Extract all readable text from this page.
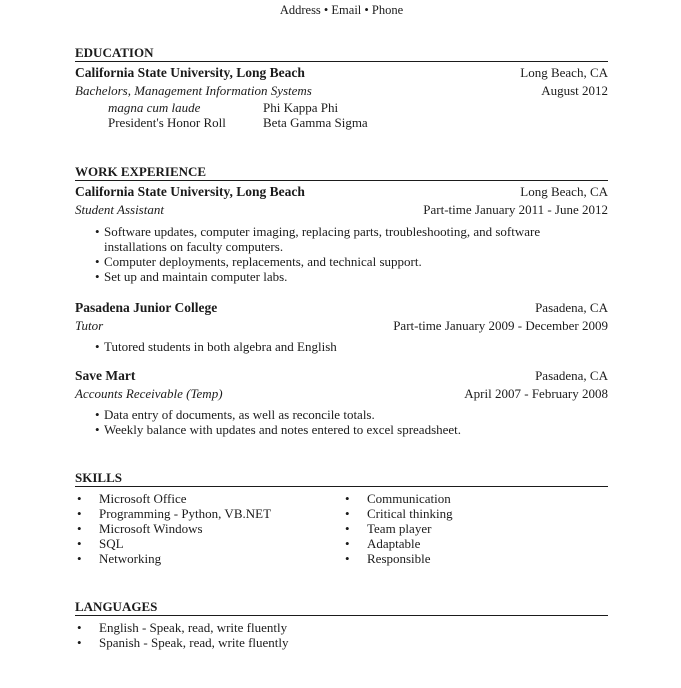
Address • Email • Phone
EDUCATION
California State University, Long Beach	Long Beach, CA
Bachelors, Management Information Systems	August 2012
magna cum laude	Phi Kappa Phi
President's Honor Roll	Beta Gamma Sigma
WORK EXPERIENCE
California State University, Long Beach	Long Beach, CA
Student Assistant	Part-time January 2011 - June 2012
• Software updates, computer imaging, replacing parts, troubleshooting, and software installations on faculty computers.
• Computer deployments, replacements, and technical support.
• Set up and maintain computer labs.
Pasadena Junior College	Pasadena, CA
Tutor	Part-time January 2009 - December 2009
• Tutored students in both algebra and English
Save Mart	Pasadena, CA
Accounts Receivable (Temp)	April 2007 - February 2008
• Data entry of documents, as well as reconcile totals.
• Weekly balance with updates and notes entered to excel spreadsheet.
SKILLS
•	Microsoft Office
•	Programming - Python, VB.NET
•	Microsoft Windows
•	SQL
•	Networking
•	Communication
•	Critical thinking
•	Team player
•	Adaptable
•	Responsible
LANGUAGES
•	English - Speak, read, write fluently
•	Spanish - Speak, read, write fluently
